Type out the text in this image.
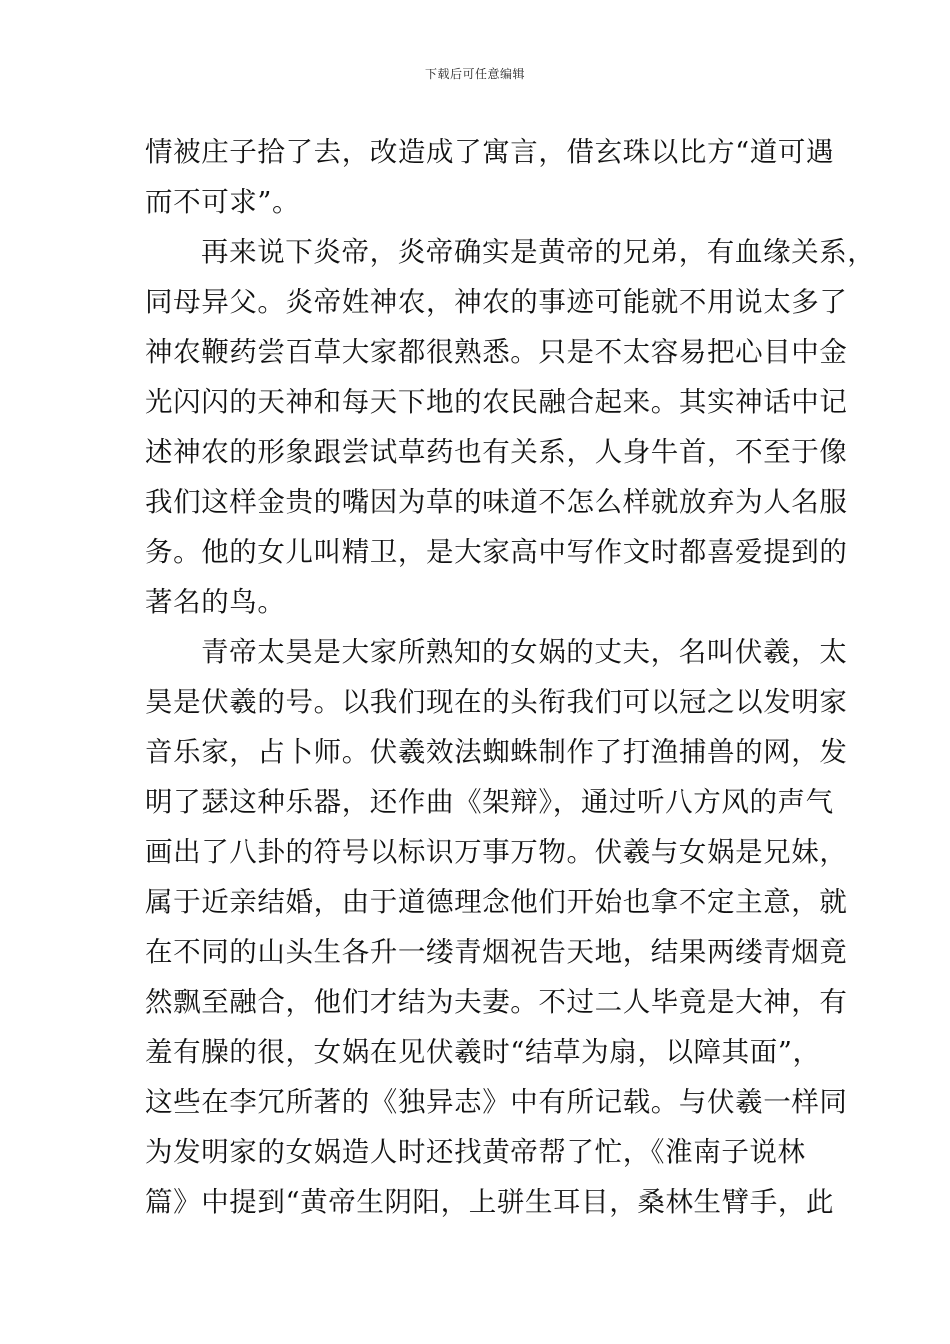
下载后可任意编辑
情被庄子拾了去，改造成了寓言，借玄珠以比方“道可遇
而不可求”。
再来说下炎帝，炎帝确实是黄帝的兄弟，有血缘关系，
同母异父。炎帝姓神农，神农的事迹可能就不用说太多了
神农鞭药尝百草大家都很熟悉。只是不太容易把心目中金
光闪闪的天神和每天下地的农民融合起来。其实神话中记
述神农的形象跟尝试草药也有关系，人身牛首，不至于像
我们这样金贵的嘴因为草的味道不怎么样就放弃为人名服
务。他的女儿叫精卫，是大家高中写作文时都喜爱提到的
著名的鸟。
青帝太昊是大家所熟知的女娲的丈夫，名叫伏羲，太
昊是伏羲的号。以我们现在的头衔我们可以冠之以发明家
音乐家，占卜师。伏羲效法蜘蛛制作了打渔捕兽的网，发
明了瑟这种乐器，还作曲《架辩》，通过听八方风的声气
画出了八卦的符号以标识万事万物。伏羲与女娲是兄妹，
属于近亲结婚，由于道德理念他们开始也拿不定主意，就
在不同的山头生各升一缕青烟祝告天地，结果两缕青烟竟
然飘至融合，他们才结为夫妻。不过二人毕竟是大神，有
羞有臊的很，女娲在见伏羲时“结草为扇，以障其面”，
这些在李冗所著的《独异志》中有所记载。与伏羲一样同
为发明家的女娲造人时还找黄帝帮了忙，《淮南子说林
篇》中提到“黄帝生阴阳，上骈生耳目，桑林生臂手，此
